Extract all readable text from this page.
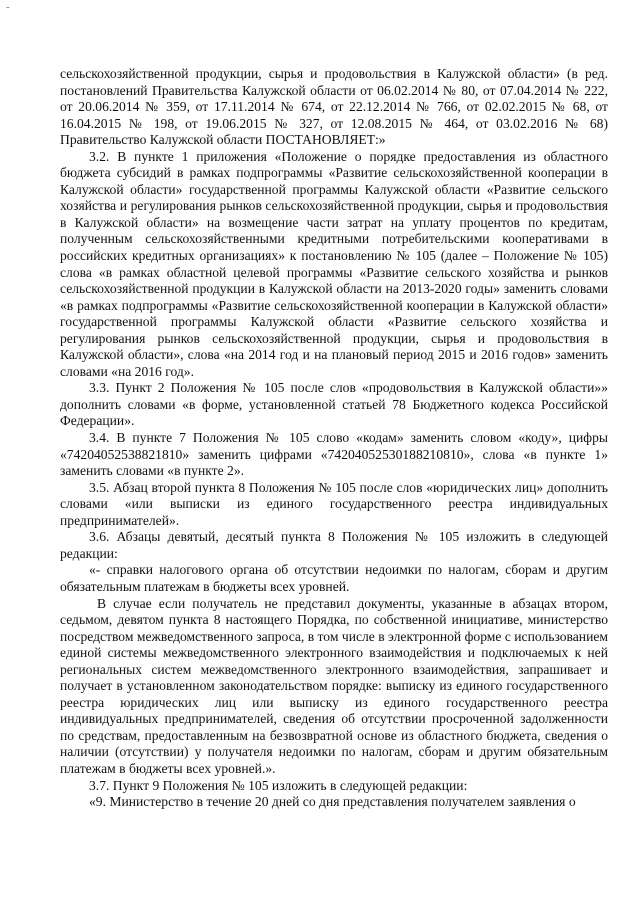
-

сельскохозяйственной продукции, сырья и продовольствия в Калужской области» (в ред. постановлений Правительства Калужской области от 06.02.2014 № 80, от 07.04.2014 № 222, от 20.06.2014 № 359, от 17.11.2014 № 674, от 22.12.2014 № 766, от 02.02.2015 № 68, от 16.04.2015 № 198, от 19.06.2015 № 327, от 12.08.2015 № 464, от 03.02.2016 № 68) Правительство Калужской области ПОСТАНОВЛЯЕТ:»

3.2. В пункте 1 приложения «Положение о порядке предоставления из областного бюджета субсидий в рамках подпрограммы «Развитие сельскохозяйственной кооперации в Калужской области» государственной программы Калужской области «Развитие сельского хозяйства и регулирования рынков сельскохозяйственной продукции, сырья и продовольствия в Калужской области» на возмещение части затрат на уплату процентов по кредитам, полученным сельскохозяйственными кредитными потребительскими кооперативами в российских кредитных организациях» к постановлению № 105 (далее – Положение № 105) слова «в рамках областной целевой программы «Развитие сельского хозяйства и рынков сельскохозяйственной продукции в Калужской области на 2013-2020 годы» заменить словами «в рамках подпрограммы «Развитие сельскохозяйственной кооперации в Калужской области» государственной программы Калужской области «Развитие сельского хозяйства и регулирования рынков сельскохозяйственной продукции, сырья и продовольствия в Калужской области», слова «на 2014 год и на плановый период 2015 и 2016 годов» заменить словами «на 2016 год».

3.3. Пункт 2 Положения № 105 после слов «продовольствия в Калужской области»» дополнить словами «в форме, установленной статьей 78 Бюджетного кодекса Российской Федерации».

3.4. В пункте 7 Положения № 105 слово «кодам» заменить словом «коду», цифры «74204052538821810» заменить цифрами «74204052530188210810», слова «в пункте 1» заменить словами «в пункте 2».

3.5. Абзац второй пункта 8 Положения № 105 после слов «юридических лиц» дополнить словами «или выписки из единого государственного реестра индивидуальных предпринимателей».

3.6. Абзацы девятый, десятый пункта 8 Положения № 105 изложить в следующей редакции:

«- справки налогового органа об отсутствии недоимки по налогам, сборам и другим обязательным платежам в бюджеты всех уровней.

В случае если получатель не представил документы, указанные в абзацах втором, седьмом, девятом пункта 8 настоящего Порядка, по собственной инициативе, министерство посредством межведомственного запроса, в том числе в электронной форме с использованием единой системы межведомственного электронного взаимодействия и подключаемых к ней региональных систем межведомственного электронного взаимодействия, запрашивает и получает в установленном законодательством порядке: выписку из единого государственного реестра юридических лиц или выписку из единого государственного реестра индивидуальных предпринимателей, сведения об отсутствии просроченной задолженности по средствам, предоставленным на безвозвратной основе из областного бюджета, сведения о наличии (отсутствии) у получателя недоимки по налогам, сборам и другим обязательным платежам в бюджеты всех уровней.».

3.7. Пункт 9 Положения № 105 изложить в следующей редакции:

«9. Министерство в течение 20 дней со дня представления получателем заявления о
